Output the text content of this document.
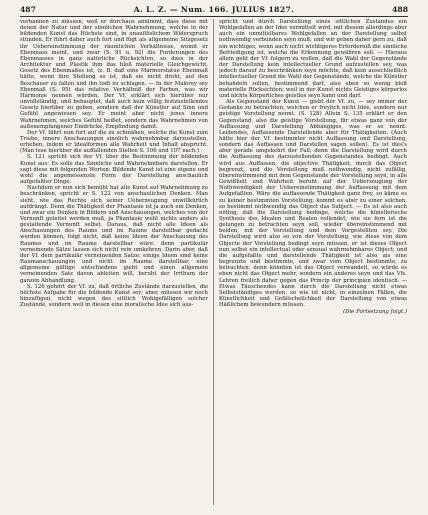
487	A. L. Z. — Num. 166. JULIUS 1827.	488

verbannen zu müssen, weil er durchaus annimmt, dass diese mit denen der Natur und der sinnlichen Wahrnehmung, welche in der bildenden Kunst das Höchste sind, in unauflöslichem Widerspruch stünden. Er führt daher auch fort und fügt als allgemeine Sitzgesetz ihr Uebereinstimmung der räumlichen Verhältnisse, womit er Ebenmass meint, und zwar (S. 91 u. 92) die Forderungen des Ebenmasses in ganz natürliche Rücksichten, so dass in der Architektur und Plastik ihm das bloß materielle Gleichgewicht, Gesetz des Ebenmaßes ist, (z. B. daß eine Marmorstatue Ebenmaß hätte, wenn ihre Stellung so ist, daß sie nicht droht, auf den Beschauer zu fallen und ihn todt zu schlagen. — In der Malerey sey Ebenmaß (S. 95) das relative Verhältniß der Farben, was wir Harmonie nennen würden. Der Vf. erklärt sich hierüber nur unvollständig, und behauptet, daß auch kein völlig festzustellendes Gesetz hierüber zu geben, sondern daß der Künstler auf Sinn und Gefühl angewiesen sey. Er meint aber nicht jenes innere Wahrnehmen, welches Gefühl heißet, sondern das Wahrnehmen von außenempfangener Eindrücke, Empfindung damit.

Der Vf. fährt nun fort auf die zu schmähen, welche die Kunst zum Triebe, innere Anschauungen sinnlich wahrnehmbar darzustellen, erheben, indem er Idealformen alle Wahrheit und Inhalt abspricht. (Man lese hierüber die auffallenden Stellen S. 106 und 107 nach.)

S. 121 spricht sich der Vf. über die Bestimmung der bildenden Kunst aus: Es solle das Sinnliche und Wahrnehmbare darstellen. Er sagt diese mit folgenden Worten: Bildende Kunst ist eine eigene und wohl die angemessenste Form der Darstellung anschaulich aufgefaßter Dinge.

Nachdem er nun sich bemüht hat alle Kunst auf Wahrnehmung zu beschränken, spricht er S. 122 von anschaulichen Denken. Man sieht, wie das Rechte sich seiner Ueberzeugung unwillkürlich aufdrängt. Denn die Thätigkeit der Phantasie ist ja auch ein Denken, und zwar ein Denken in Bildern und Anschauungen, welches von der Vernunft geleitet werden muß, ja Phantasie wohl nichts anders als gestaltende Vernunft selbst. Daraus, daß nicht alle Ideen als Anschauungen des Raums und im Raume darstellbar gedacht werden können, folgt nicht, daß keine Ideen der Anschauung des Raumes und im Raume darstellbar wäre: denn partikulär verneinende Sätze lassen sich nicht rein umkehren. Darin aber, daß der Vf. dem partikulär verneinenden Satze: einige Ideen sind keine Raumanschauungen und nicht im Raume darstellbar, eine allgemeine gültige entschiedene giebt und einen allgemein verneinenden Satz davon ableiten will, beruht der Irrthum der ganzen Abhandlung.

S. 126 gehört der Vf. zu, daß örtliche Zustände darzustellen, die höchste Aufgabe für die bildende Kunst sey; aber, müssen wir noch hinzufügen, nicht wegen des sittlich Wohlgefälligen solcher Zustände, sondern weil in diesen eine moralische Idee sich aus-

spricht und durch Darstellung eines sittlichen Zustandes ein Wohlgefallen an der Idee vermittelt wird, mit diesem allerdings aber auch ein unmittelbares Wohlgefallen an der Darstellung selbst nothwendig verbunden seyn muß; und wir geben daher gern zu, daß ein wichtiges, wenn auch nicht wichtigeres Erforderniß die sinnliche Befriedigung ist, welche die Erkennung gewähren soll. — Hieraus allein geht der Vf. folgern zu wollen, daß die Wahl der Gegenstände der Darstellung kein intellectueller Grund aufzustellen sey, was jedoch darauf zu beschränken seyn möchte, daß kein ausschließlich intellectueller Grund die Wahl der Gegenstände, welche die Künstler behandeln sollen, bestimmend darf, also eben so wenig bloß materielle Rücksichten; weil in der Kunst nichts Geistiges körperlos und nichts Körperliches geistlos seyn kann und darf.

Als Gegenstand der Kunst — giebt der Vf. zu, — sey immer der Gedanke zu betrachten, welchen er freylich nicht Idee, sondern nur geistige Vorstellung nennt. (S. 128) Allein S. 135 erklärt er den Gegenstand, also die geistige Vorstellung, für etwas ganz von der Auffassung und Darstellung Abhängiges, was er so nennt: Leidendes, Auffassende Darstellende aber für Thätigkeiten. (Auch hätte hier der Vf. bestimmter nicht Auffassung und Darstellung, sondern das Auffassen und Darstellen sagen sollen). Es ist dies's aber gerade umgekehrt der Fall: denn die Darstellung wird durch die Auffassung des darzustellenden Gegenstandes bedingt. Auch wird aus Auffassen, die objective Thätigkeit, durch das Object begrenzt, und die Vorstellung muß nothwendig, nicht zufällig, übereinstimmend mit dem Gegenstande der Vorstellung seyn, in alle Gewißheit und Wahrheit beruht auf der Ueberzeugung der Nothwendigkeit der Uebereinstimmung der Auffassung mit dem Aufgefaßten. Wäre die auffassende Thätigkeit ganz frey, so käme es zu keiner bestimmten Vorstellung; kommt es aber zu einer solchen, so bestimmt nothwendig das Object das Subject. — Es ist also auch nöthig, daß die Darstellung bedinge, welche die künstlerische Synthesis des Idealen und Realen vollendet, wie sie fern ist die gelungen zu betrachten seyn soll, wieder übereinstimmend mit beiden, mit der Vorstellung und dem Vorgestellten sey. Die Darstellung wird also so von der Vorstellung, wie diese von dem Objecte der Vorstellung bedingt seyn müssen, er ist dieses Object nun selbst ein intellectual oder sensual wahrnehmbares Object; und die aufgefaßte und darstellende Thätigkeit ist also als eine begrenzte und bestimmte, und zwar vom Object bestimmte, zu betrachten: denn könnten ist das Object verwandelt, so würde es eben nicht das Object mehr, sondern ein anderes seyn und das Vfs. Lehren freilich daher gegen das Princip der principien identisch. — Etwas Täuschendes kann durch die Darstellung nicht etwas Selbstständiges werden, so wie ist nicht, in einzelnen Fällen, die Künstlichkeit und Gefälschelichkeit der Darstellung von etwas Häßlichem bewundern müssen.

(Die Fortsetzung folgt.)
